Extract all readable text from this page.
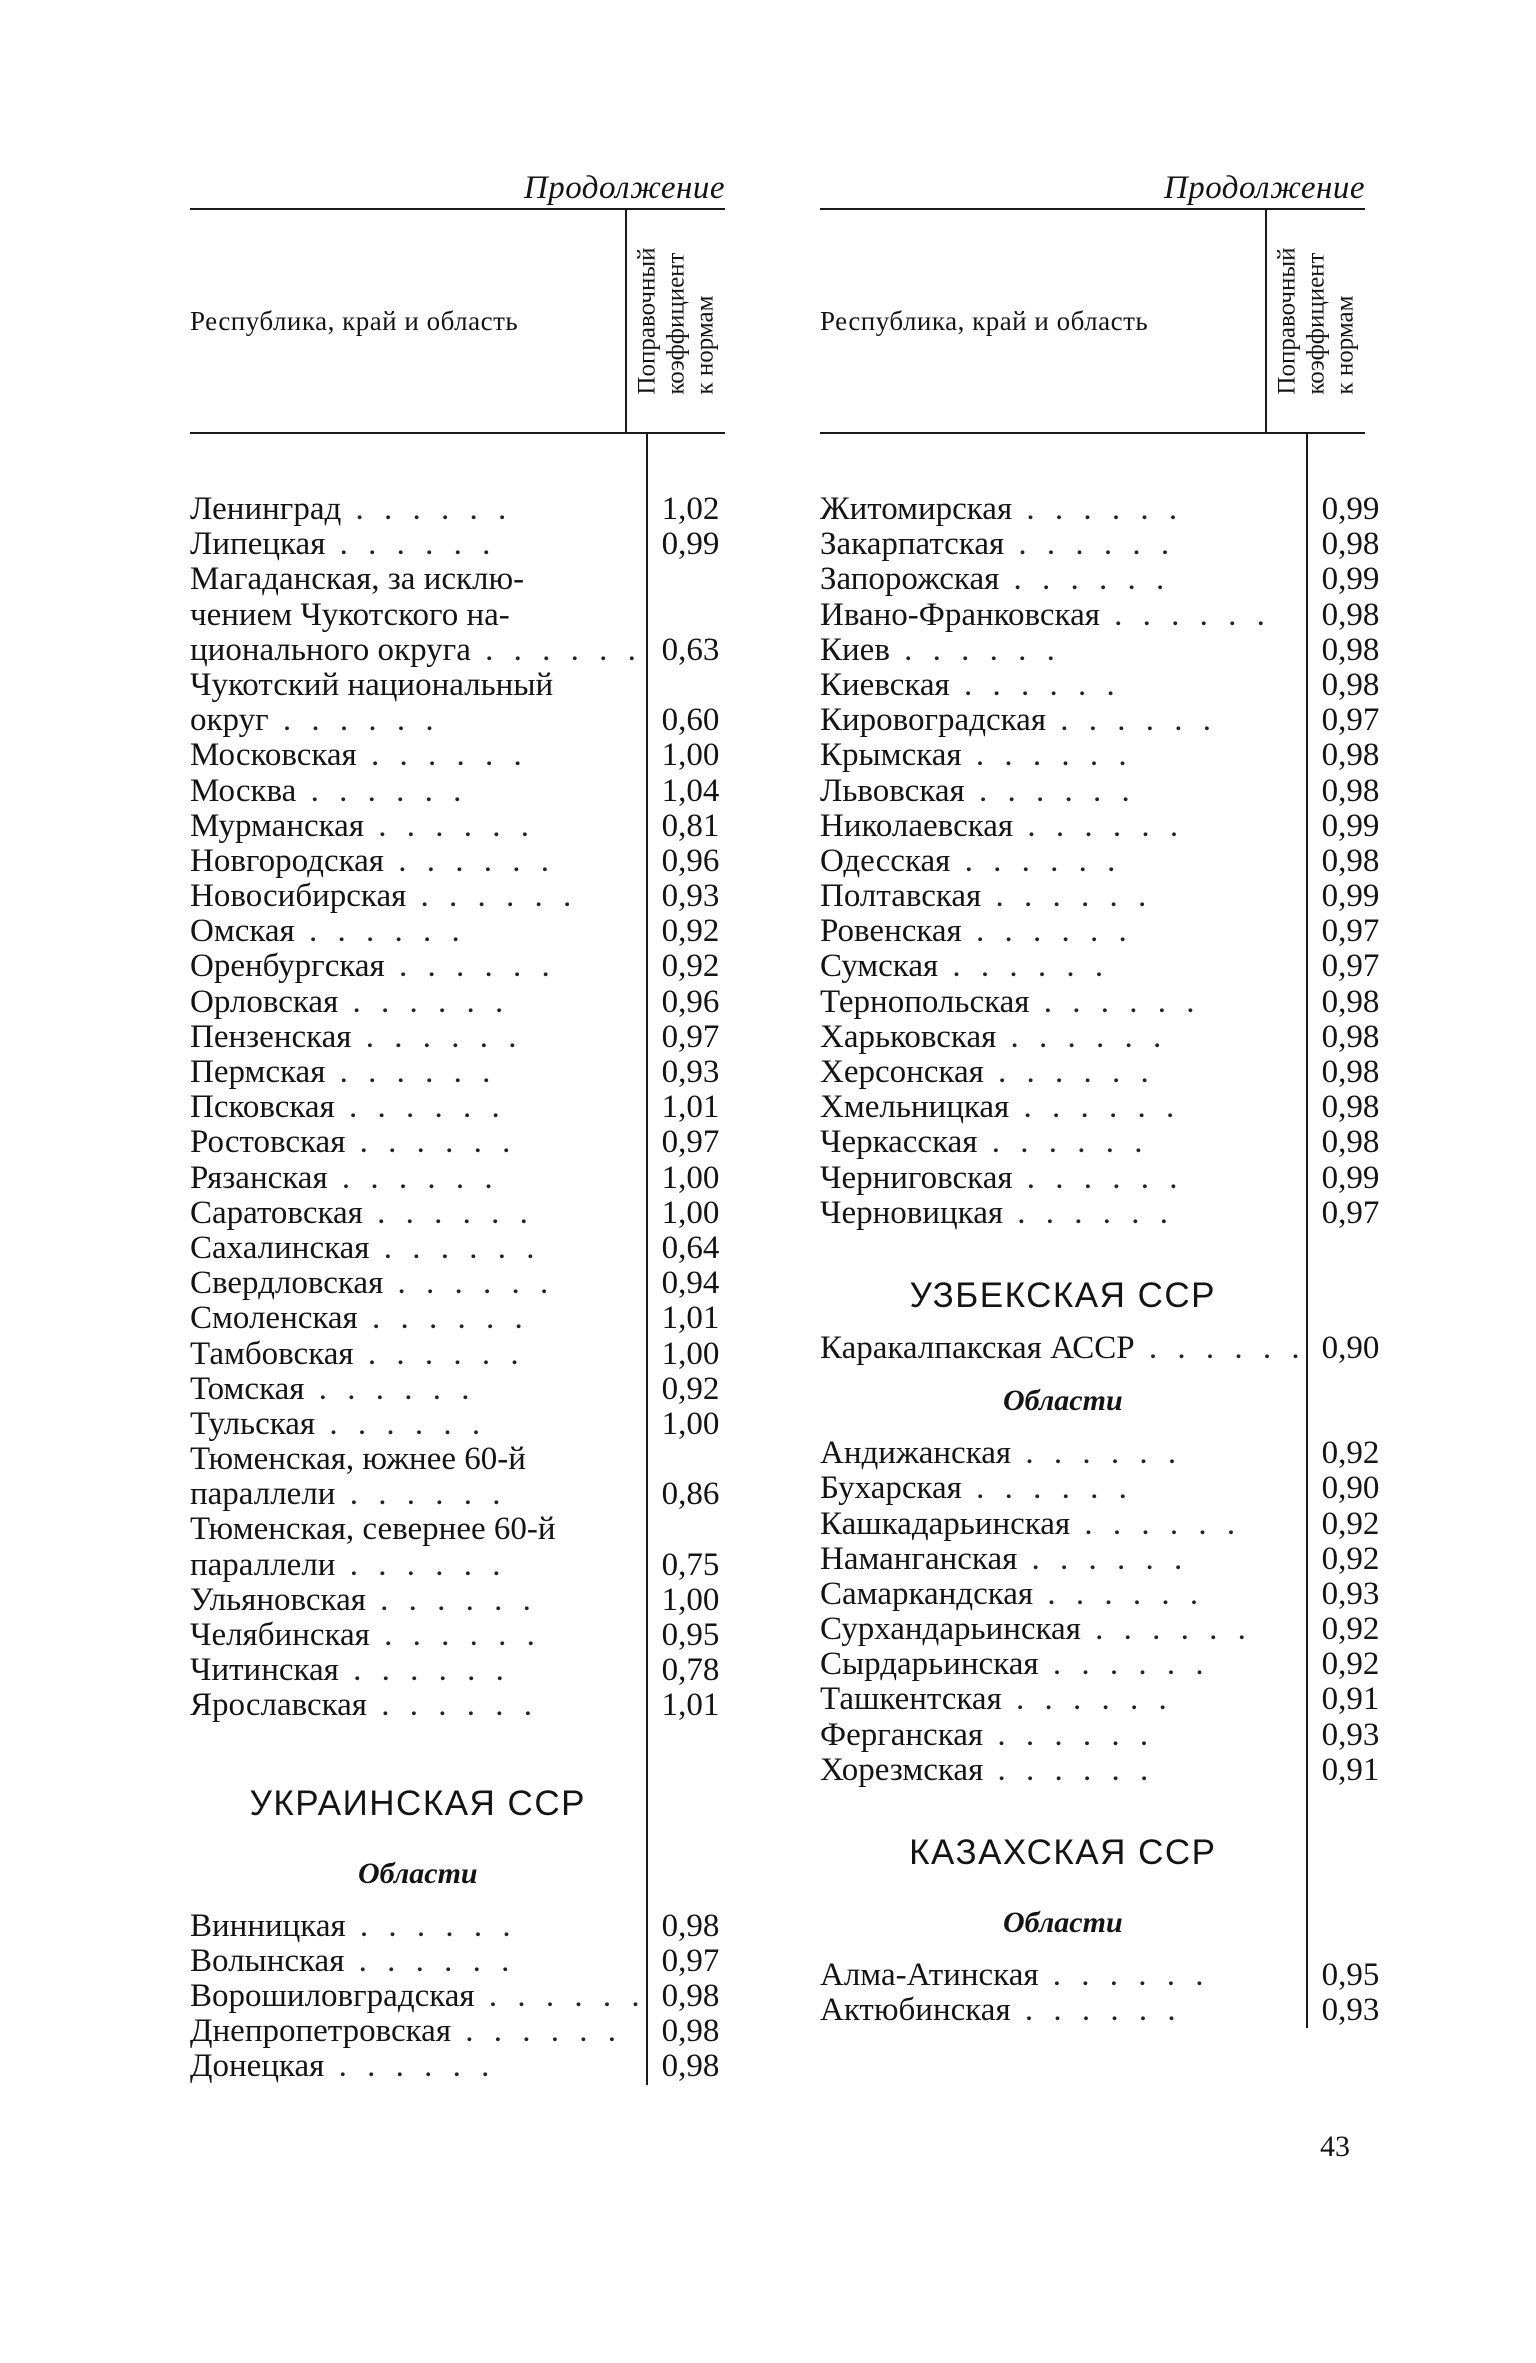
Продолжение
Республика, край и область	Поправочный коэффициент к нормам
Ленинград . . . . . .
Липецкая . . . . . .
Магаданская, за исклю-
чением Чукотского на-
ционального округа . . . . . .
Чукотский национальный
округ . . . . . .
Московская . . . . . .
Москва . . . . . .
Мурманская . . . . . .
Новгородская . . . . . .
Новосибирская . . . . . .
Омская . . . . . .
Оренбургская . . . . . .
Орловская . . . . . .
Пензенская . . . . . .
Пермская . . . . . .
Псковская . . . . . .
Ростовская . . . . . .
Рязанская . . . . . .
Саратовская . . . . . .
Сахалинская . . . . . .
Свердловская . . . . . .
Смоленская . . . . . .
Тамбовская . . . . . .
Томская . . . . . .
Тульская . . . . . .
Тюменская, южнее 60-й
параллели . . . . . .
Тюменская, севернее 60-й
параллели . . . . . .
Ульяновская . . . . . .
Челябинская . . . . . .
Читинская . . . . . .
Ярославская . . . . . .
УКРАИНСКАЯ ССР
Области
Винницкая . . . . . .
Волынская . . . . . .
Ворошиловградская . . . . . .
Днепропетровская . . . . . .
Донецкая . . . . . .
1,02
0,99
0,63
0,60
1,00
1,04
0,81
0,96
0,93
0,92
0,92
0,96
0,97
0,93
1,01
0,97
1,00
1,00
0,64
0,94
1,01
1,00
0,92
1,00
0,86
0,75
1,00
0,95
0,78
1,01

0,98
0,97
0,98
0,98
0,98
Продолжение
Республика, край и область	Поправочный коэффициент к нормам
Житомирская . . . . . .
Закарпатская . . . . . .
Запорожская . . . . . .
Ивано-Франковская . . . . . .
Киев . . . . . .
Киевская . . . . . .
Кировоградская . . . . . .
Крымская . . . . . .
Львовская . . . . . .
Николаевская . . . . . .
Одесская . . . . . .
Полтавская . . . . . .
Ровенская . . . . . .
Сумская . . . . . .
Тернопольская . . . . . .
Харьковская . . . . . .
Херсонская . . . . . .
Хмельницкая . . . . . .
Черкасская . . . . . .
Черниговская . . . . . .
Черновицкая . . . . . .
УЗБЕКСКАЯ ССР
Каракалпакская АССР . . . . . .
Области
Андижанская . . . . . .
Бухарская . . . . . .
Кашкадарьинская . . . . . .
Наманганская . . . . . .
Самаркандская . . . . . .
Сурхандарьинская . . . . . .
Сырдарьинская . . . . . .
Ташкентская . . . . . .
Ферганская . . . . . .
Хорезмская . . . . . .
КАЗАХСКАЯ ССР
Области
Алма-Атинская . . . . . .
Актюбинская . . . . . .
0,99
0,98
0,99
0,98
0,98
0,98
0,97
0,98
0,98
0,99
0,98
0,99
0,97
0,97
0,98
0,98
0,98
0,98
0,98
0,99
0,97

0,90

0,92
0,90
0,92
0,92
0,93
0,92
0,92
0,91
0,93
0,91

0,95
0,93
43
